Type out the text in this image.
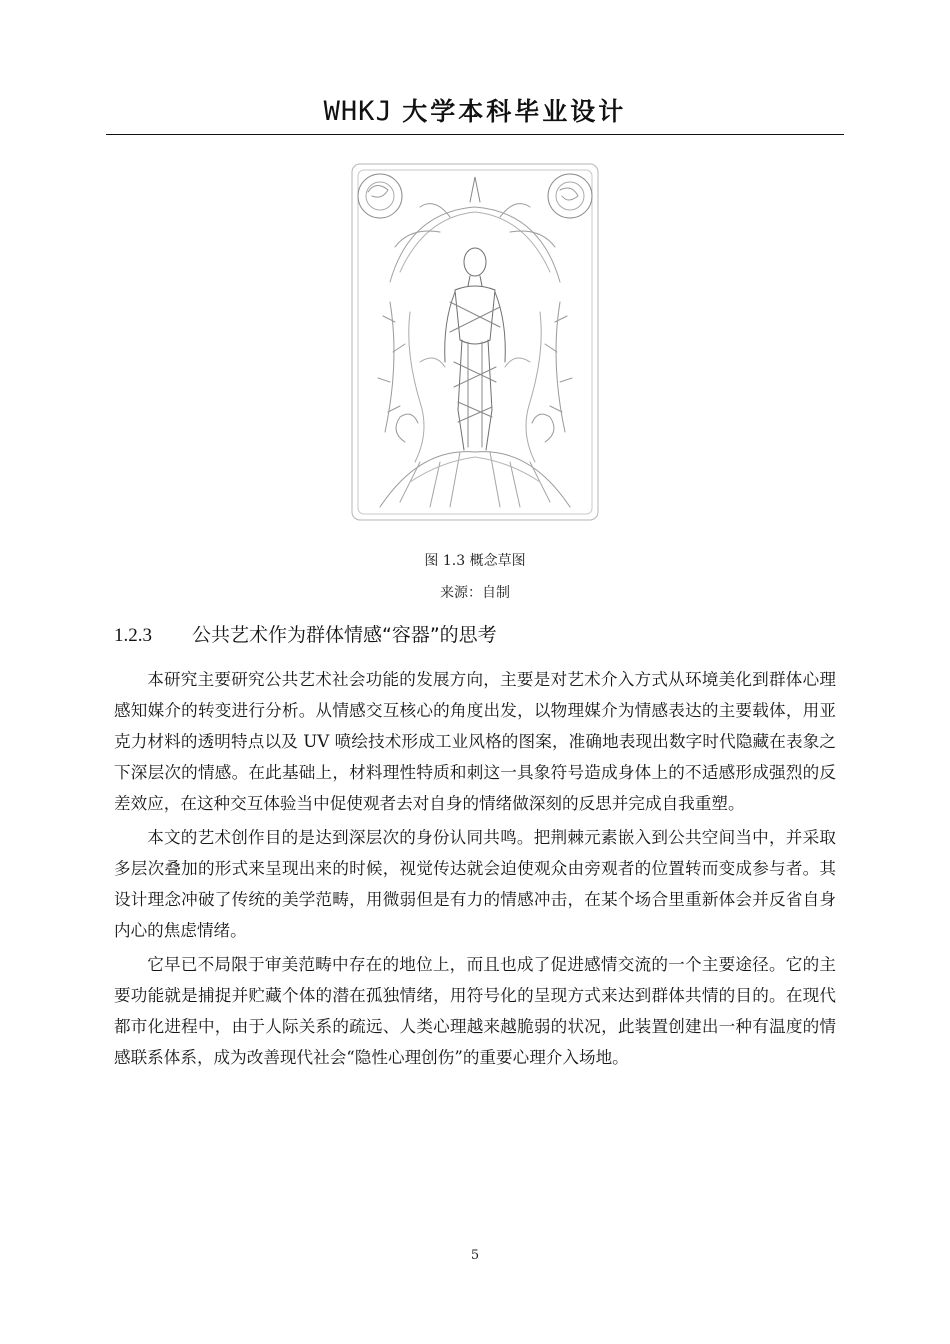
WHKJ 大学本科毕业设计
图 1.3 概念草图
来源：自制
1.2.3 公共艺术作为群体情感“容器”的思考

本研究主要研究公共艺术社会功能的发展方向，主要是对艺术介入方式从环境美化到群体心理感知媒介的转变进行分析。从情感交互核心的角度出发，以物理媒介为情感表达的主要载体，用亚克力材料的透明特点以及 UV 喷绘技术形成工业风格的图案，准确地表现出数字时代隐藏在表象之下深层次的情感。在此基础上，材料理性特质和刺这一具象符号造成身体上的不适感形成强烈的反差效应，在这种交互体验当中促使观者去对自身的情绪做深刻的反思并完成自我重塑。

本文的艺术创作目的是达到深层次的身份认同共鸣。把荆棘元素嵌入到公共空间当中，并采取多层次叠加的形式来呈现出来的时候，视觉传达就会迫使观众由旁观者的位置转而变成参与者。其设计理念冲破了传统的美学范畴，用微弱但是有力的情感冲击，在某个场合里重新体会并反省自身内心的焦虑情绪。

它早已不局限于审美范畴中存在的地位上，而且也成了促进感情交流的一个主要途径。它的主要功能就是捕捉并贮藏个体的潜在孤独情绪，用符号化的呈现方式来达到群体共情的目的。在现代都市化进程中，由于人际关系的疏远、人类心理越来越脆弱的状况，此装置创建出一种有温度的情感联系体系，成为改善现代社会“隐性心理创伤”的重要心理介入场地。

5
